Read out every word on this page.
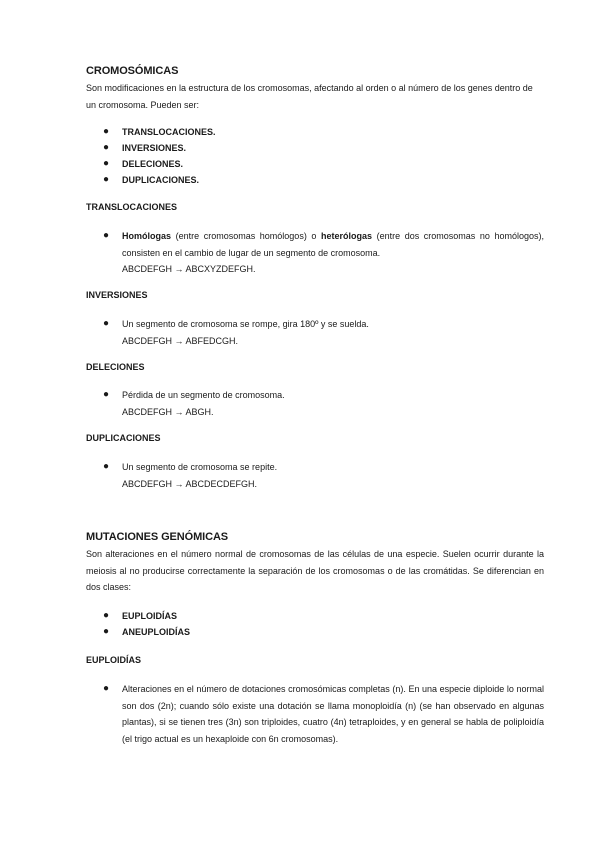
CROMOSÓMICAS

Son modificaciones en la estructura de los cromosomas, afectando al orden o al número de los genes dentro de un cromosoma. Pueden ser:

● TRANSLOCACIONES.
● INVERSIONES.
● DELECIONES.
● DUPLICACIONES.
TRANSLOCACIONES
● Homólogas (entre cromosomas homólogos) o heterólogas (entre dos cromosomas no homólogos), consisten en el cambio de lugar de un segmento de cromosoma.
ABCDEFGH → ABCXYZDEFGH.

INVERSIONES
● Un segmento de cromosoma se rompe, gira 180º y se suelda.
ABCDEFGH → ABFEDCGH.

DELECIONES
● Pérdida de un segmento de cromosoma.
ABCDEFGH → ABGH.

DUPLICACIONES
● Un segmento de cromosoma se repite.
ABCDEFGH → ABCDECDEFGH.

MUTACIONES GENÓMICAS

Son alteraciones en el número normal de cromosomas de las células de una especie. Suelen ocurrir durante la meiosis al no producirse correctamente la separación de los cromosomas o de las cromátidas. Se diferencian en dos clases:

● EUPLOIDÍAS
● ANEUPLOIDÍAS
EUPLOIDÍAS
● Alteraciones en el número de dotaciones cromosómicas completas (n). En una especie diploide lo normal son dos (2n); cuando sólo existe una dotación se llama monoploidía (n) (se han observado en algunas plantas), si se tienen tres (3n) son triploides, cuatro (4n) tetraploides, y en general se habla de poliploidía (el trigo actual es un hexaploide con 6n cromosomas).
